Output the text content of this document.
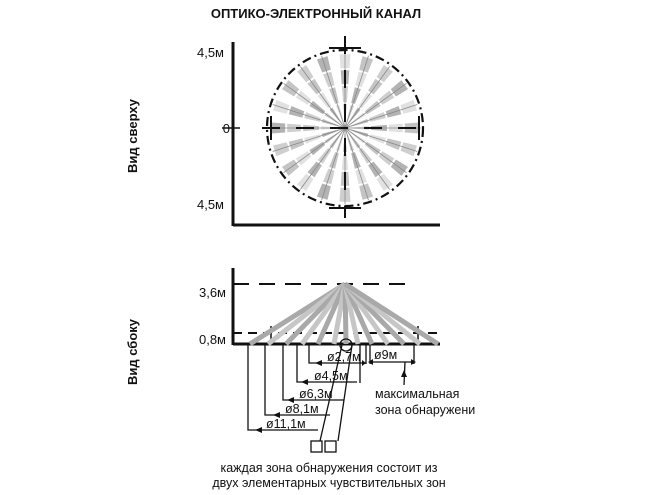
ОПТИКО-ЭЛЕКТРОННЫЙ КАНАЛ
Вид сверху
4,5м
0
4,5м
Вид сбоку
3,6м
0,8м
ø2,7м
ø4,5м
ø6,3м
ø8,1м
ø11,1м
ø9м
максимальная
зона обнаружени
каждая зона обнаружения состоит из
двух элементарных чувствительных зон
